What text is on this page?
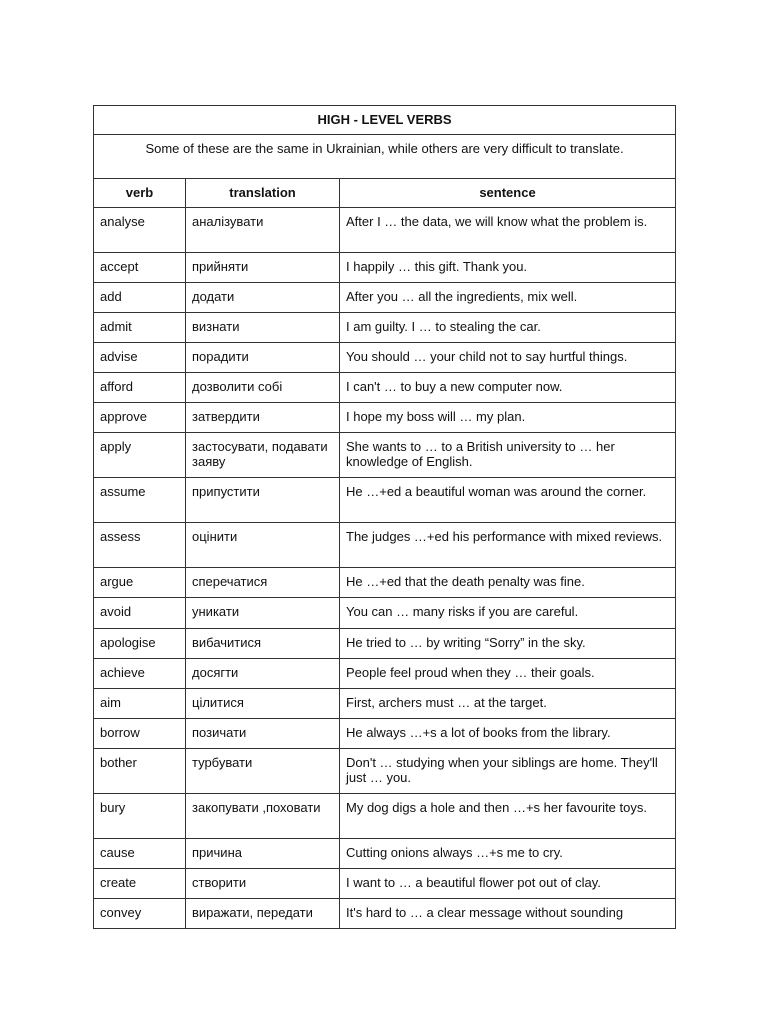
HIGH - LEVEL VERBS		
Some of these are the same in Ukrainian, while others are very difficult to translate.		
verb	translation	sentence
analyse	аналізувати	After I … the data, we will know what the problem is.
accept	прийняти	I happily … this gift. Thank you.
add	додати	After you … all the ingredients, mix well.
admit	визнати	I am guilty. I … to stealing the car.
advise	порадити	You should … your child not to say hurtful things.
afford	дозволити собі	I can't … to buy a new computer now.
approve	затвердити	I hope my boss will … my plan.
apply	застосувати, подавати заяву	She wants to … to a British university to … her knowledge of English.
assume	припустити	He …+ed a beautiful woman was around the corner.
assess	оцінити	The judges …+ed his performance with mixed reviews.
argue	сперечатися	He …+ed that the death penalty was fine.
avoid	уникати	You can … many risks if you are careful.
apologise	вибачитися	He tried to … by writing “Sorry” in the sky.
achieve	досягти	People feel proud when they … their goals.
aim	цілитися	First, archers must … at the target.
borrow	позичати	He always …+s a lot of books from the library.
bother	турбувати	Don't … studying when your siblings are home. They'll just … you.
bury	закопувати ,поховати	My dog digs a hole and then …+s her favourite toys.
cause	причина	Cutting onions always …+s me to cry.
create	створити	I want to … a beautiful flower pot out of clay.
convey	виражати, передати	It's hard to … a clear message without sounding
